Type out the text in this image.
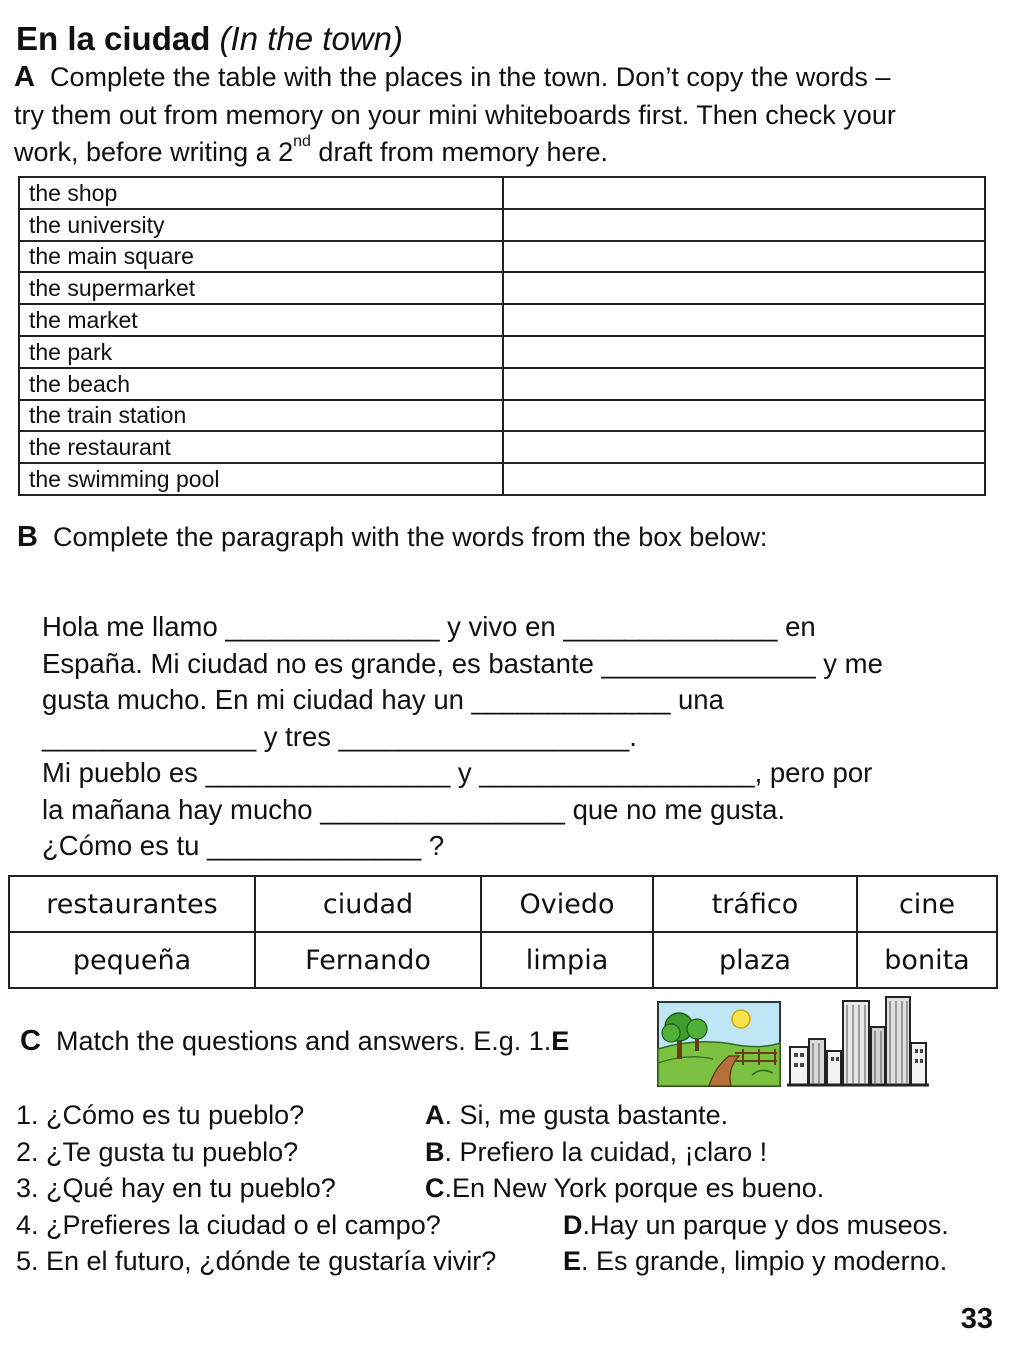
En la ciudad (In the town)
A Complete the table with the places in the town. Don’t copy the words –
try them out from memory on your mini whiteboards first. Then check your
work, before writing a 2nd draft from memory here.
the shop	
the university	
the main square	
the supermarket	
the market	
the park	
the beach	
the train station	
the restaurant	
the swimming pool	
B Complete the paragraph with the words from the box below:
Hola me llamo ______________ y vivo en ______________ en
España. Mi ciudad no es grande, es bastante ______________ y me
gusta mucho. En mi ciudad hay un _____________ una
______________ y tres ___________________.
Mi pueblo es ________________ y __________________, pero por
la mañana hay mucho ________________ que no me gusta.
¿Cómo es tu ______________ ?
restaurantes	ciudad	Oviedo	tráfico	cine
pequeña	Fernando	limpia	plaza	bonita
C Match the questions and answers. E.g. 1.E
1. ¿Cómo es tu pueblo?
2. ¿Te gusta tu pueblo?
3. ¿Qué hay en tu pueblo?
4. ¿Prefieres la ciudad o el campo?
5. En el futuro, ¿dónde te gustaría vivir?
A. Si, me gusta bastante.
B. Prefiero la cuidad, ¡claro !
C.En New York porque es bueno.
D.Hay un parque y dos museos.
E. Es grande, limpio y moderno.
33
